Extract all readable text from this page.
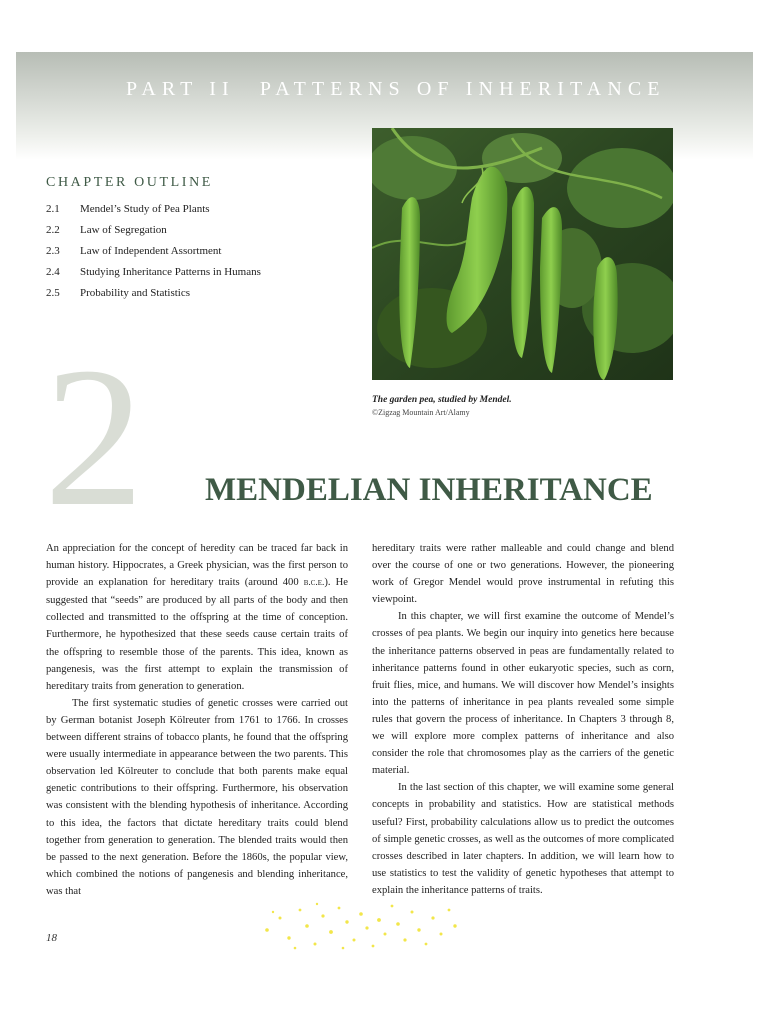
PART II PATTERNS OF INHERITANCE
CHAPTER OUTLINE
2.1	Mendel’s Study of Pea Plants
2.2	Law of Segregation
2.3	Law of Independent Assortment
2.4	Studying Inheritance Patterns in Humans
2.5	Probability and Statistics
The garden pea, studied by Mendel.
©Zigzag Mountain Art/Alamy
2 MENDELIAN INHERITANCE

An appreciation for the concept of heredity can be traced far back in human history. Hippocrates, a Greek physician, was the first person to provide an explanation for hereditary traits (around 400 b.c.e.). He suggested that “seeds” are produced by all parts of the body and then collected and transmitted to the offspring at the time of conception. Furthermore, he hypothesized that these seeds cause certain traits of the offspring to resemble those of the parents. This idea, known as pangenesis, was the first attempt to explain the transmission of hereditary traits from generation to generation.

The first systematic studies of genetic crosses were carried out by German botanist Joseph Kölreuter from 1761 to 1766. In crosses between different strains of tobacco plants, he found that the offspring were usually intermediate in appearance between the two parents. This observation led Kölreuter to conclude that both parents make equal genetic contributions to their offspring. Furthermore, his observation was consistent with the blending hypothesis of inheritance. According to this idea, the factors that dictate hereditary traits could blend together from generation to generation. The blended traits would then be passed to the next generation. Before the 1860s, the popular view, which combined the notions of pangenesis and blending inheritance, was that

hereditary traits were rather malleable and could change and blend over the course of one or two generations. However, the pioneering work of Gregor Mendel would prove instrumental in refuting this viewpoint.

In this chapter, we will first examine the outcome of Mendel’s crosses of pea plants. We begin our inquiry into genetics here because the inheritance patterns observed in peas are fundamentally related to inheritance patterns found in other eukaryotic species, such as corn, fruit flies, mice, and humans. We will discover how Mendel’s insights into the patterns of inheritance in pea plants revealed some simple rules that govern the process of inheritance. In Chapters 3 through 8, we will explore more complex patterns of inheritance and also consider the role that chromosomes play as the carriers of the genetic material.

In the last section of this chapter, we will examine some general concepts in probability and statistics. How are statistical methods useful? First, probability calculations allow us to predict the outcomes of simple genetic crosses, as well as the outcomes of more complicated crosses described in later chapters. In addition, we will learn how to use statistics to test the validity of genetic hypotheses that attempt to explain the inheritance patterns of traits.

18
